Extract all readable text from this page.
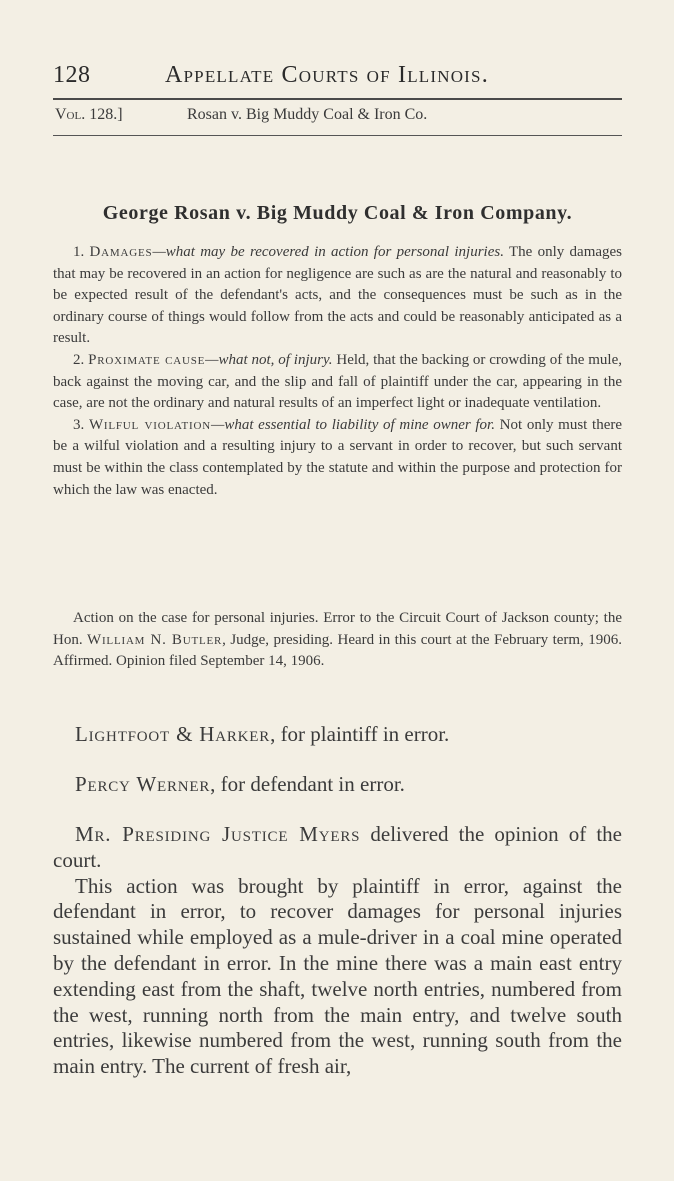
128	Appellate Courts of Illinois.
Vol. 128.]	Rosan v. Big Muddy Coal & Iron Co.
George Rosan v. Big Muddy Coal & Iron Company.

1. Damages—what may be recovered in action for personal injuries. The only damages that may be recovered in an action for negligence are such as are the natural and reasonably to be expected result of the defendant's acts, and the consequences must be such as in the ordinary course of things would follow from the acts and could be reasonably anticipated as a result.

2. Proximate cause—what not, of injury. Held, that the backing or crowding of the mule, back against the moving car, and the slip and fall of plaintiff under the car, appearing in the case, are not the ordinary and natural results of an imperfect light or inadequate ventilation.

3. Wilful violation—what essential to liability of mine owner for. Not only must there be a wilful violation and a resulting injury to a servant in order to recover, but such servant must be within the class contemplated by the statute and within the purpose and protection for which the law was enacted.

Action on the case for personal injuries. Error to the Circuit Court of Jackson county; the Hon. William N. Butler, Judge, presiding. Heard in this court at the February term, 1906. Affirmed. Opinion filed September 14, 1906.

Lightfoot & Harker, for plaintiff in error.
Percy Werner, for defendant in error.

Mr. Presiding Justice Myers delivered the opinion of the court.

This action was brought by plaintiff in error, against the defendant in error, to recover damages for personal injuries sustained while employed as a mule-driver in a coal mine operated by the defendant in error. In the mine there was a main east entry extending east from the shaft, twelve north entries, numbered from the west, running north from the main entry, and twelve south entries, likewise numbered from the west, running south from the main entry. The current of fresh air,
